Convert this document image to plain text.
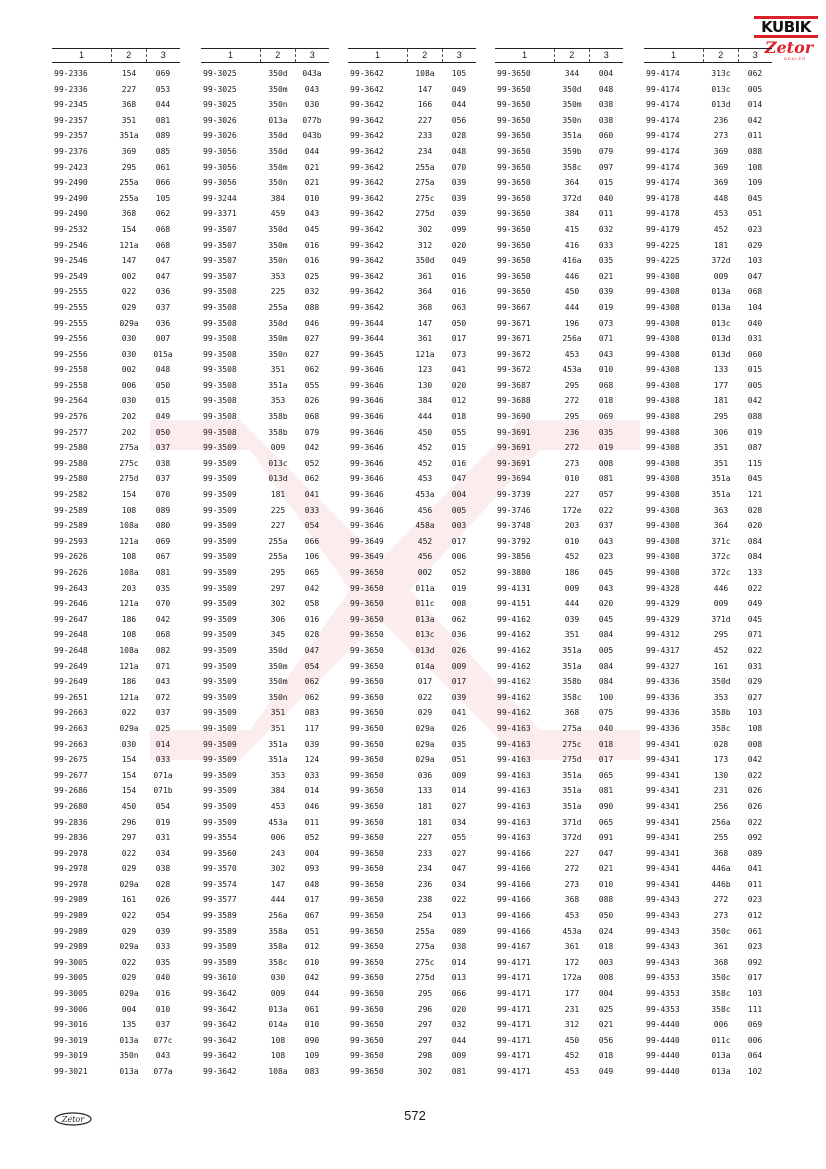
KUBIK
Zetor
DEALER
1	2	3
99-2336	154	069
99-2336	227	053
99-2345	368	044
99-2357	351	081
99-2357	351a	089
99-2376	369	085
99-2423	295	061
99-2490	255a	066
99-2490	255a	105
99-2490	368	062
99-2532	154	068
99-2546	121a	068
99-2546	147	047
99-2549	002	047
99-2555	022	036
99-2555	029	037
99-2555	029a	036
99-2556	030	007
99-2556	030	015a
99-2558	002	048
99-2558	006	050
99-2564	030	015
99-2576	202	049
99-2577	202	050
99-2580	275a	037
99-2580	275c	038
99-2580	275d	037
99-2582	154	070
99-2589	108	089
99-2589	108a	080
99-2593	121a	069
99-2626	108	067
99-2626	108a	081
99-2643	203	035
99-2646	121a	070
99-2647	186	042
99-2648	108	068
99-2648	108a	082
99-2649	121a	071
99-2649	186	043
99-2651	121a	072
99-2663	022	037
99-2663	029a	025
99-2663	030	014
99-2675	154	033
99-2677	154	071a
99-2686	154	071b
99-2680	450	054
99-2836	296	019
99-2836	297	031
99-2978	022	034
99-2978	029	038
99-2978	029a	028
99-2989	161	026
99-2989	022	054
99-2989	029	039
99-2989	029a	033
99-3005	022	035
99-3005	029	040
99-3005	029a	016
99-3006	004	010
99-3016	135	037
99-3019	013a	077c
99-3019	350n	043
99-3021	013a	077a
1	2	3
99-3025	350d	043a
99-3025	350m	043
99-3025	350n	030
99-3026	013a	077b
99-3026	350d	043b
99-3056	350d	044
99-3056	350m	021
99-3056	350n	021
99-3244	384	010
99-3371	459	043
99-3507	350d	045
99-3507	350m	016
99-3507	350n	016
99-3507	353	025
99-3508	225	032
99-3508	255a	088
99-3508	350d	046
99-3508	350m	027
99-3508	350n	027
99-3508	351	062
99-3508	351a	055
99-3508	353	026
99-3508	358b	068
99-3508	358b	079
99-3509	009	042
99-3509	013c	052
99-3509	013d	062
99-3509	181	041
99-3509	225	033
99-3509	227	054
99-3509	255a	066
99-3509	255a	106
99-3509	295	065
99-3509	297	042
99-3509	302	058
99-3509	306	016
99-3509	345	028
99-3509	350d	047
99-3509	350m	054
99-3509	350m	062
99-3509	350n	062
99-3509	351	083
99-3509	351	117
99-3509	351a	039
99-3509	351a	124
99-3509	353	033
99-3509	384	014
99-3509	453	046
99-3509	453a	011
99-3554	006	052
99-3560	243	004
99-3570	302	093
99-3574	147	048
99-3577	444	017
99-3589	256a	067
99-3589	358a	051
99-3589	358a	012
99-3589	358c	010
99-3610	030	042
99-3642	009	044
99-3642	013a	061
99-3642	014a	010
99-3642	108	090
99-3642	108	109
99-3642	108a	083
1	2	3
99-3642	108a	105
99-3642	147	049
99-3642	166	044
99-3642	227	056
99-3642	233	028
99-3642	234	048
99-3642	255a	070
99-3642	275a	039
99-3642	275c	039
99-3642	275d	039
99-3642	302	099
99-3642	312	020
99-3642	350d	049
99-3642	361	016
99-3642	364	016
99-3642	368	063
99-3644	147	050
99-3644	361	017
99-3645	121a	073
99-3646	123	041
99-3646	130	020
99-3646	384	012
99-3646	444	018
99-3646	450	055
99-3646	452	015
99-3646	452	016
99-3646	453	047
99-3646	453a	004
99-3646	456	005
99-3646	458a	003
99-3649	452	017
99-3649	456	006
99-3650	002	052
99-3650	011a	019
99-3650	011c	008
99-3650	013a	062
99-3650	013c	036
99-3650	013d	026
99-3650	014a	009
99-3650	017	017
99-3650	022	039
99-3650	029	041
99-3650	029a	026
99-3650	029a	035
99-3650	029a	051
99-3650	036	009
99-3650	133	014
99-3650	181	027
99-3650	181	034
99-3650	227	055
99-3650	233	027
99-3650	234	047
99-3650	236	034
99-3650	238	022
99-3650	254	013
99-3650	255a	089
99-3650	275a	038
99-3650	275c	014
99-3650	275d	013
99-3650	295	066
99-3650	296	020
99-3650	297	032
99-3650	297	044
99-3650	298	009
99-3650	302	081
1	2	3
99-3650	344	004
99-3650	350d	048
99-3650	350m	038
99-3650	350n	038
99-3650	351a	060
99-3650	359b	079
99-3650	358c	097
99-3650	364	015
99-3650	372d	040
99-3650	384	011
99-3650	415	032
99-3650	416	033
99-3650	416a	035
99-3650	446	021
99-3650	450	039
99-3667	444	019
99-3671	196	073
99-3671	256a	071
99-3672	453	043
99-3672	453a	010
99-3687	295	068
99-3688	272	018
99-3690	295	069
99-3691	236	035
99-3691	272	019
99-3691	273	008
99-3694	010	081
99-3739	227	057
99-3746	172e	022
99-3748	203	037
99-3792	010	043
99-3856	452	023
99-3880	186	045
99-4131	009	043
99-4151	444	020
99-4162	039	045
99-4162	351	084
99-4162	351a	005
99-4162	351a	084
99-4162	358b	084
99-4162	358c	100
99-4162	368	075
99-4163	275a	040
99-4163	275c	018
99-4163	275d	017
99-4163	351a	065
99-4163	351a	081
99-4163	351a	090
99-4163	371d	065
99-4163	372d	091
99-4166	227	047
99-4166	272	021
99-4166	273	010
99-4166	368	088
99-4166	453	050
99-4166	453a	024
99-4167	361	018
99-4171	172	003
99-4171	172a	008
99-4171	177	004
99-4171	231	025
99-4171	312	021
99-4171	450	056
99-4171	452	018
99-4171	453	049
1	2	3
99-4174	313c	062
99-4174	013c	005
99-4174	013d	014
99-4174	236	042
99-4174	273	011
99-4174	369	088
99-4174	369	108
99-4174	369	109
99-4178	448	045
99-4178	453	051
99-4179	452	023
99-4225	181	029
99-4225	372d	103
99-4308	009	047
99-4308	013a	068
99-4308	013a	104
99-4308	013c	040
99-4308	013d	031
99-4308	013d	060
99-4308	133	015
99-4308	177	005
99-4308	181	042
99-4308	295	088
99-4308	306	019
99-4308	351	087
99-4308	351	115
99-4308	351a	045
99-4308	351a	121
99-4308	363	028
99-4308	364	020
99-4308	371c	084
99-4308	372c	084
99-4308	372c	133
99-4328	446	022
99-4329	009	049
99-4329	371d	045
99-4312	295	071
99-4317	452	022
99-4327	161	031
99-4336	350d	029
99-4336	353	027
99-4336	358b	103
99-4336	358c	108
99-4341	028	008
99-4341	173	042
99-4341	130	022
99-4341	231	026
99-4341	256	026
99-4341	256a	022
99-4341	255	092
99-4341	368	089
99-4341	446a	041
99-4341	446b	011
99-4343	272	023
99-4343	273	012
99-4343	350c	061
99-4343	361	023
99-4343	368	092
99-4353	350c	017
99-4353	358c	103
99-4353	358c	111
99-4440	006	069
99-4440	011c	006
99-4440	013a	064
99-4440	013a	102
572
Zetor
